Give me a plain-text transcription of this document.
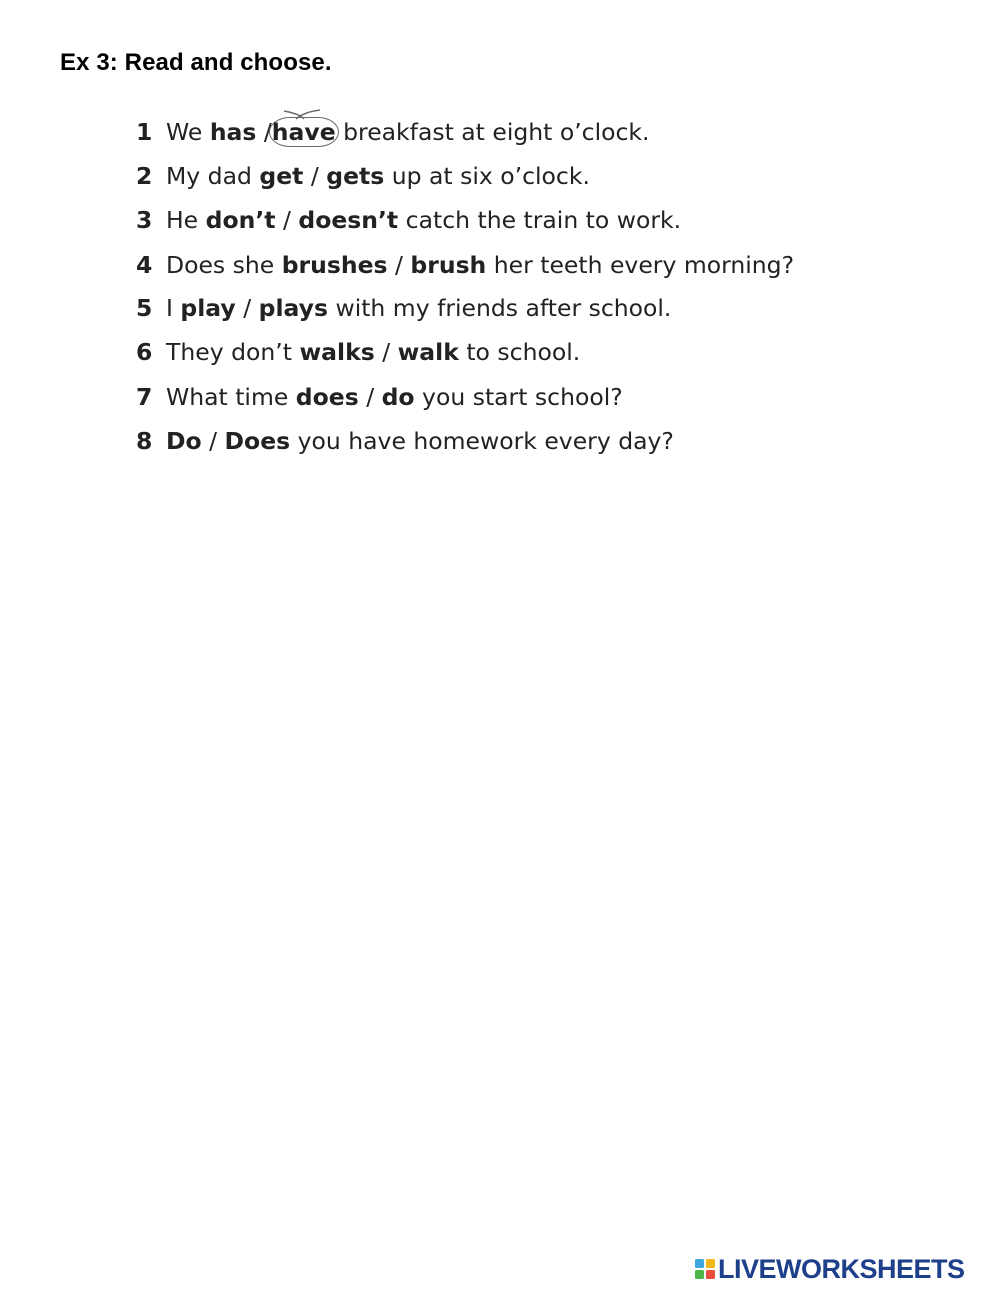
Ex 3: Read and choose.
1 We has /
have breakfast at eight o’clock.
2 My dad get / gets up at six o’clock.
3 He don’t / doesn’t catch the train to work.
4 Does she brushes / brush her teeth every morning?
5 I play / plays with my friends after school.
6 They don’t walks / walk to school.
7 What time does / do you start school?
8 Do / Does you have homework every day?
LIVEWORKSHEETS
